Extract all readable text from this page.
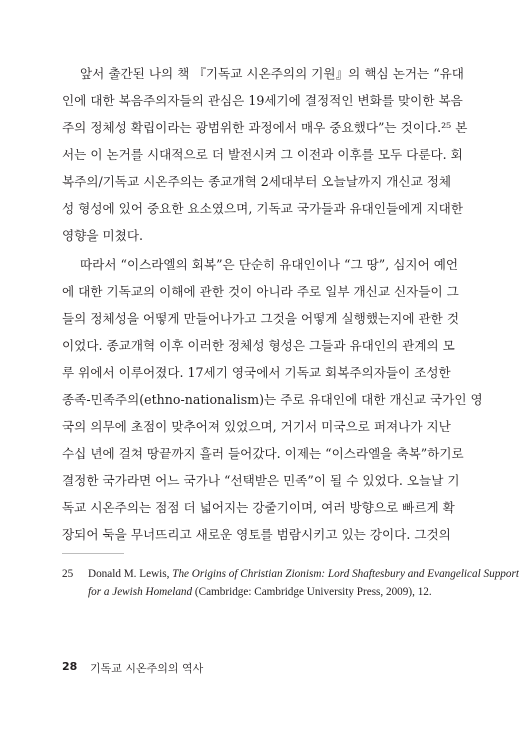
앞서 출간된 나의 책 『기독교 시온주의의 기원』의 핵심 논거는 “유대
인에 대한 복음주의자들의 관심은 19세기에 결정적인 변화를 맞이한 복음
주의 정체성 확립이라는 광범위한 과정에서 매우 중요했다”는 것이다.²⁵ 본
서는 이 논거를 시대적으로 더 발전시켜 그 이전과 이후를 모두 다룬다. 회
복주의/기독교 시온주의는 종교개혁 2세대부터 오늘날까지 개신교 정체
성 형성에 있어 중요한 요소였으며, 기독교 국가들과 유대인들에게 지대한
영향을 미쳤다.
따라서 “이스라엘의 회복”은 단순히 유대인이나 “그 땅”, 심지어 예언
에 대한 기독교의 이해에 관한 것이 아니라 주로 일부 개신교 신자들이 그
들의 정체성을 어떻게 만들어나가고 그것을 어떻게 실행했는지에 관한 것
이었다. 종교개혁 이후 이러한 정체성 형성은 그들과 유대인의 관계의 모
루 위에서 이루어졌다. 17세기 영국에서 기독교 회복주의자들이 조성한
종족-민족주의(ethno-nationalism)는 주로 유대인에 대한 개신교 국가인 영
국의 의무에 초점이 맞추어져 있었으며, 거기서 미국으로 퍼져나가 지난
수십 년에 걸쳐 땅끝까지 흘러 들어갔다. 이제는 “이스라엘을 축복”하기로
결정한 국가라면 어느 국가나 “선택받은 민족”이 될 수 있었다. 오늘날 기
독교 시온주의는 점점 더 넓어지는 강줄기이며, 여러 방향으로 빠르게 확
장되어 둑을 무너뜨리고 새로운 영토를 범람시키고 있는 강이다. 그것의
25 Donald M. Lewis, The Origins of Christian Zionism: Lord Shaftesbury and Evangelical Support
for a Jewish Homeland (Cambridge: Cambridge University Press, 2009), 12.
28 기독교 시온주의의 역사
